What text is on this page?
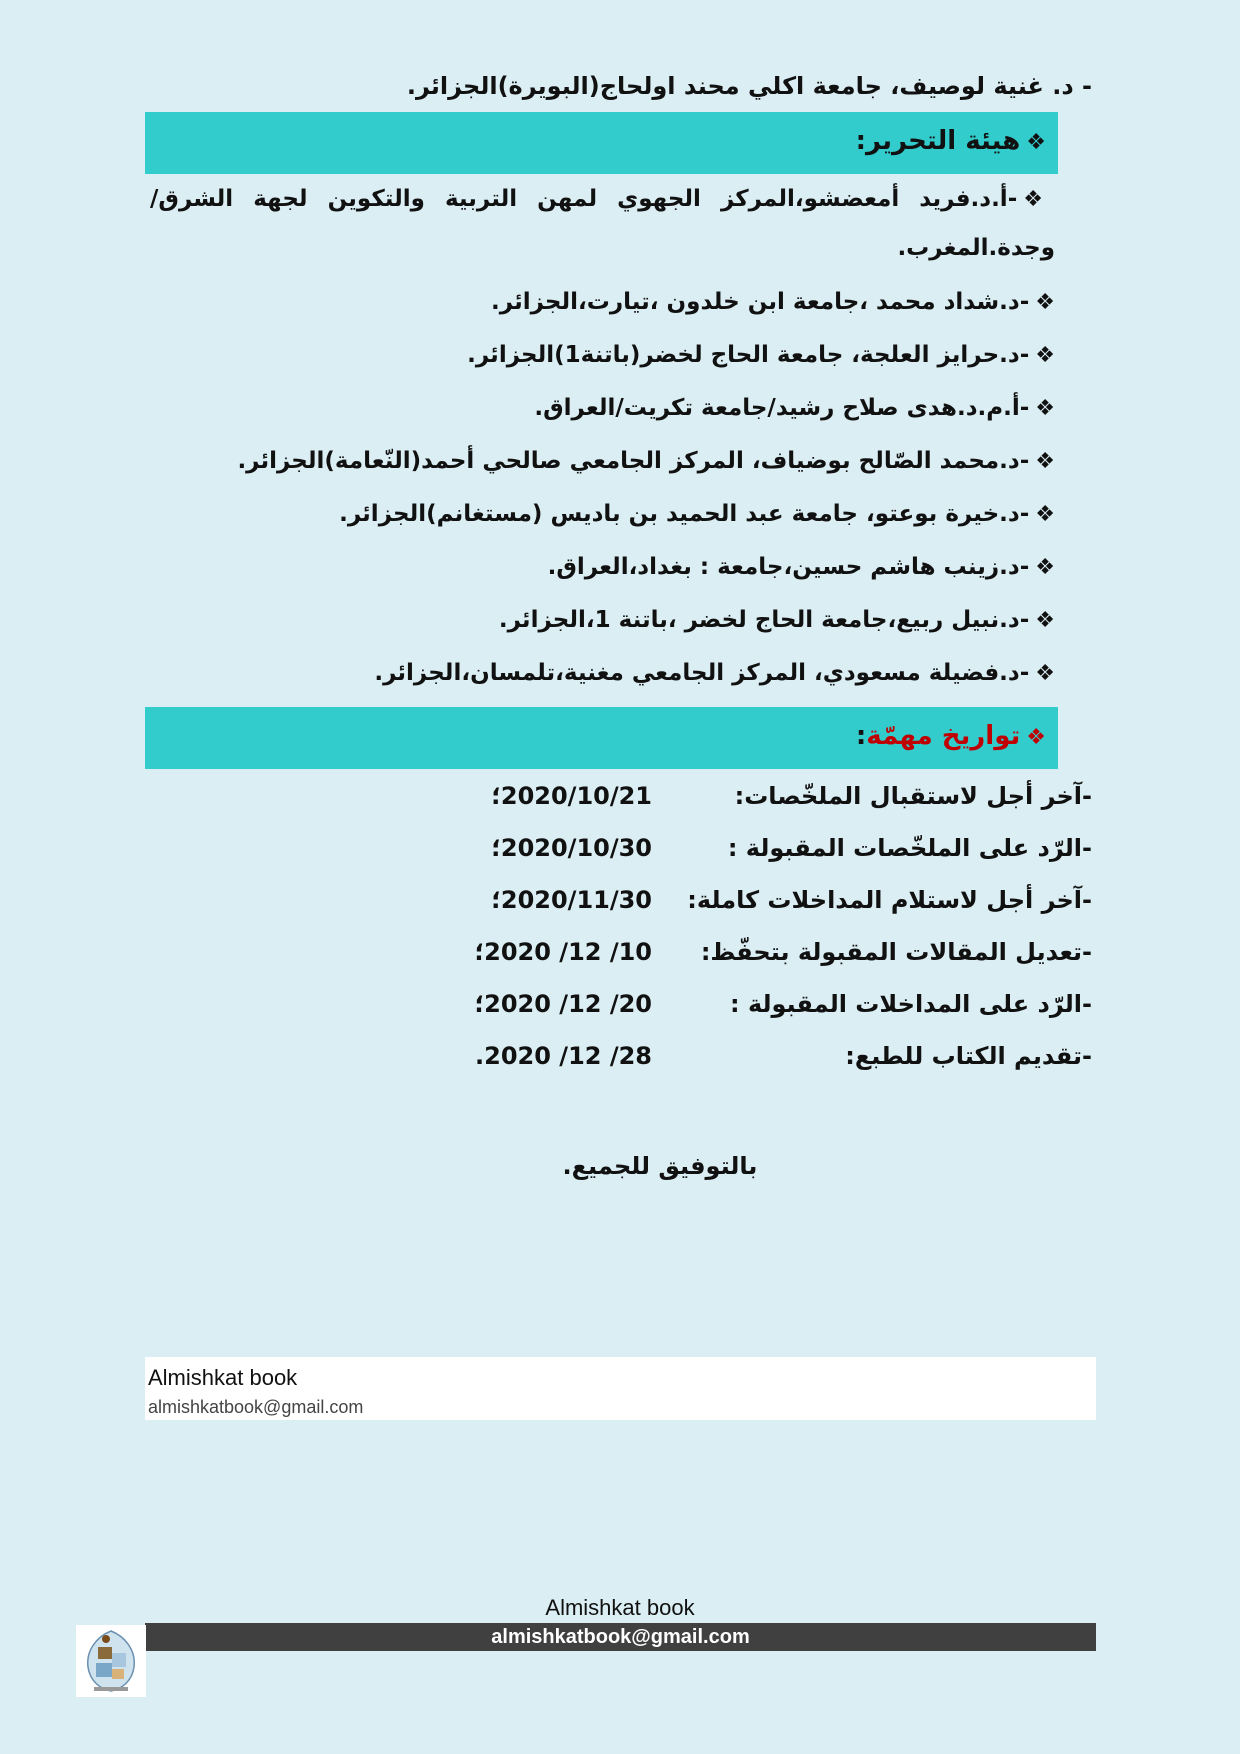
- د. غنية لوصيف، جامعة اكلي محند اولحاج(البويرة)الجزائر.
❖هيئة التحرير:
❖-أ.د.فريد أمعضشو،المركز الجهوي لمهن التربية والتكوين لجهة الشرق/ وجدة.المغرب.
❖-د.شداد محمد ،جامعة ابن خلدون ،تيارت،الجزائر.
❖-د.حرايز العلجة، جامعة الحاج لخضر(باتنة1)الجزائر.
❖-أ.م.د.هدى صلاح رشيد/جامعة تكريت/العراق.
❖-د.محمد الصّالح بوضياف، المركز الجامعي صالحي أحمد(النّعامة)الجزائر.
❖-د.خيرة بوعتو، جامعة عبد الحميد بن باديس (مستغانم)الجزائر.
❖-د.زينب هاشم حسين،جامعة : بغداد،العراق.
❖-د.نبيل ربيع،جامعة الحاج لخضر ،باتنة 1،الجزائر.
❖-د.فضيلة مسعودي، المركز الجامعي مغنية،تلمسان،الجزائر.
❖تواريخ مهمّة:
-آخر أجل لاستقبال الملخّصات:
2020/10/21؛
-الرّد على الملخّصات المقبولة :
2020/10/30؛
-آخر أجل لاستلام المداخلات كاملة:
2020/11/30؛
-تعديل المقالات المقبولة بتحفّظ:
10/ 12/ 2020؛
-الرّد على المداخلات المقبولة :
20/ 12/ 2020؛
-تقديم الكتاب للطبع:
28/ 12/ 2020.
بالتوفيق للجميع.
Almishkat book
almishkatbook@gmail.com
Almishkat book
almishkatbook@gmail.com
